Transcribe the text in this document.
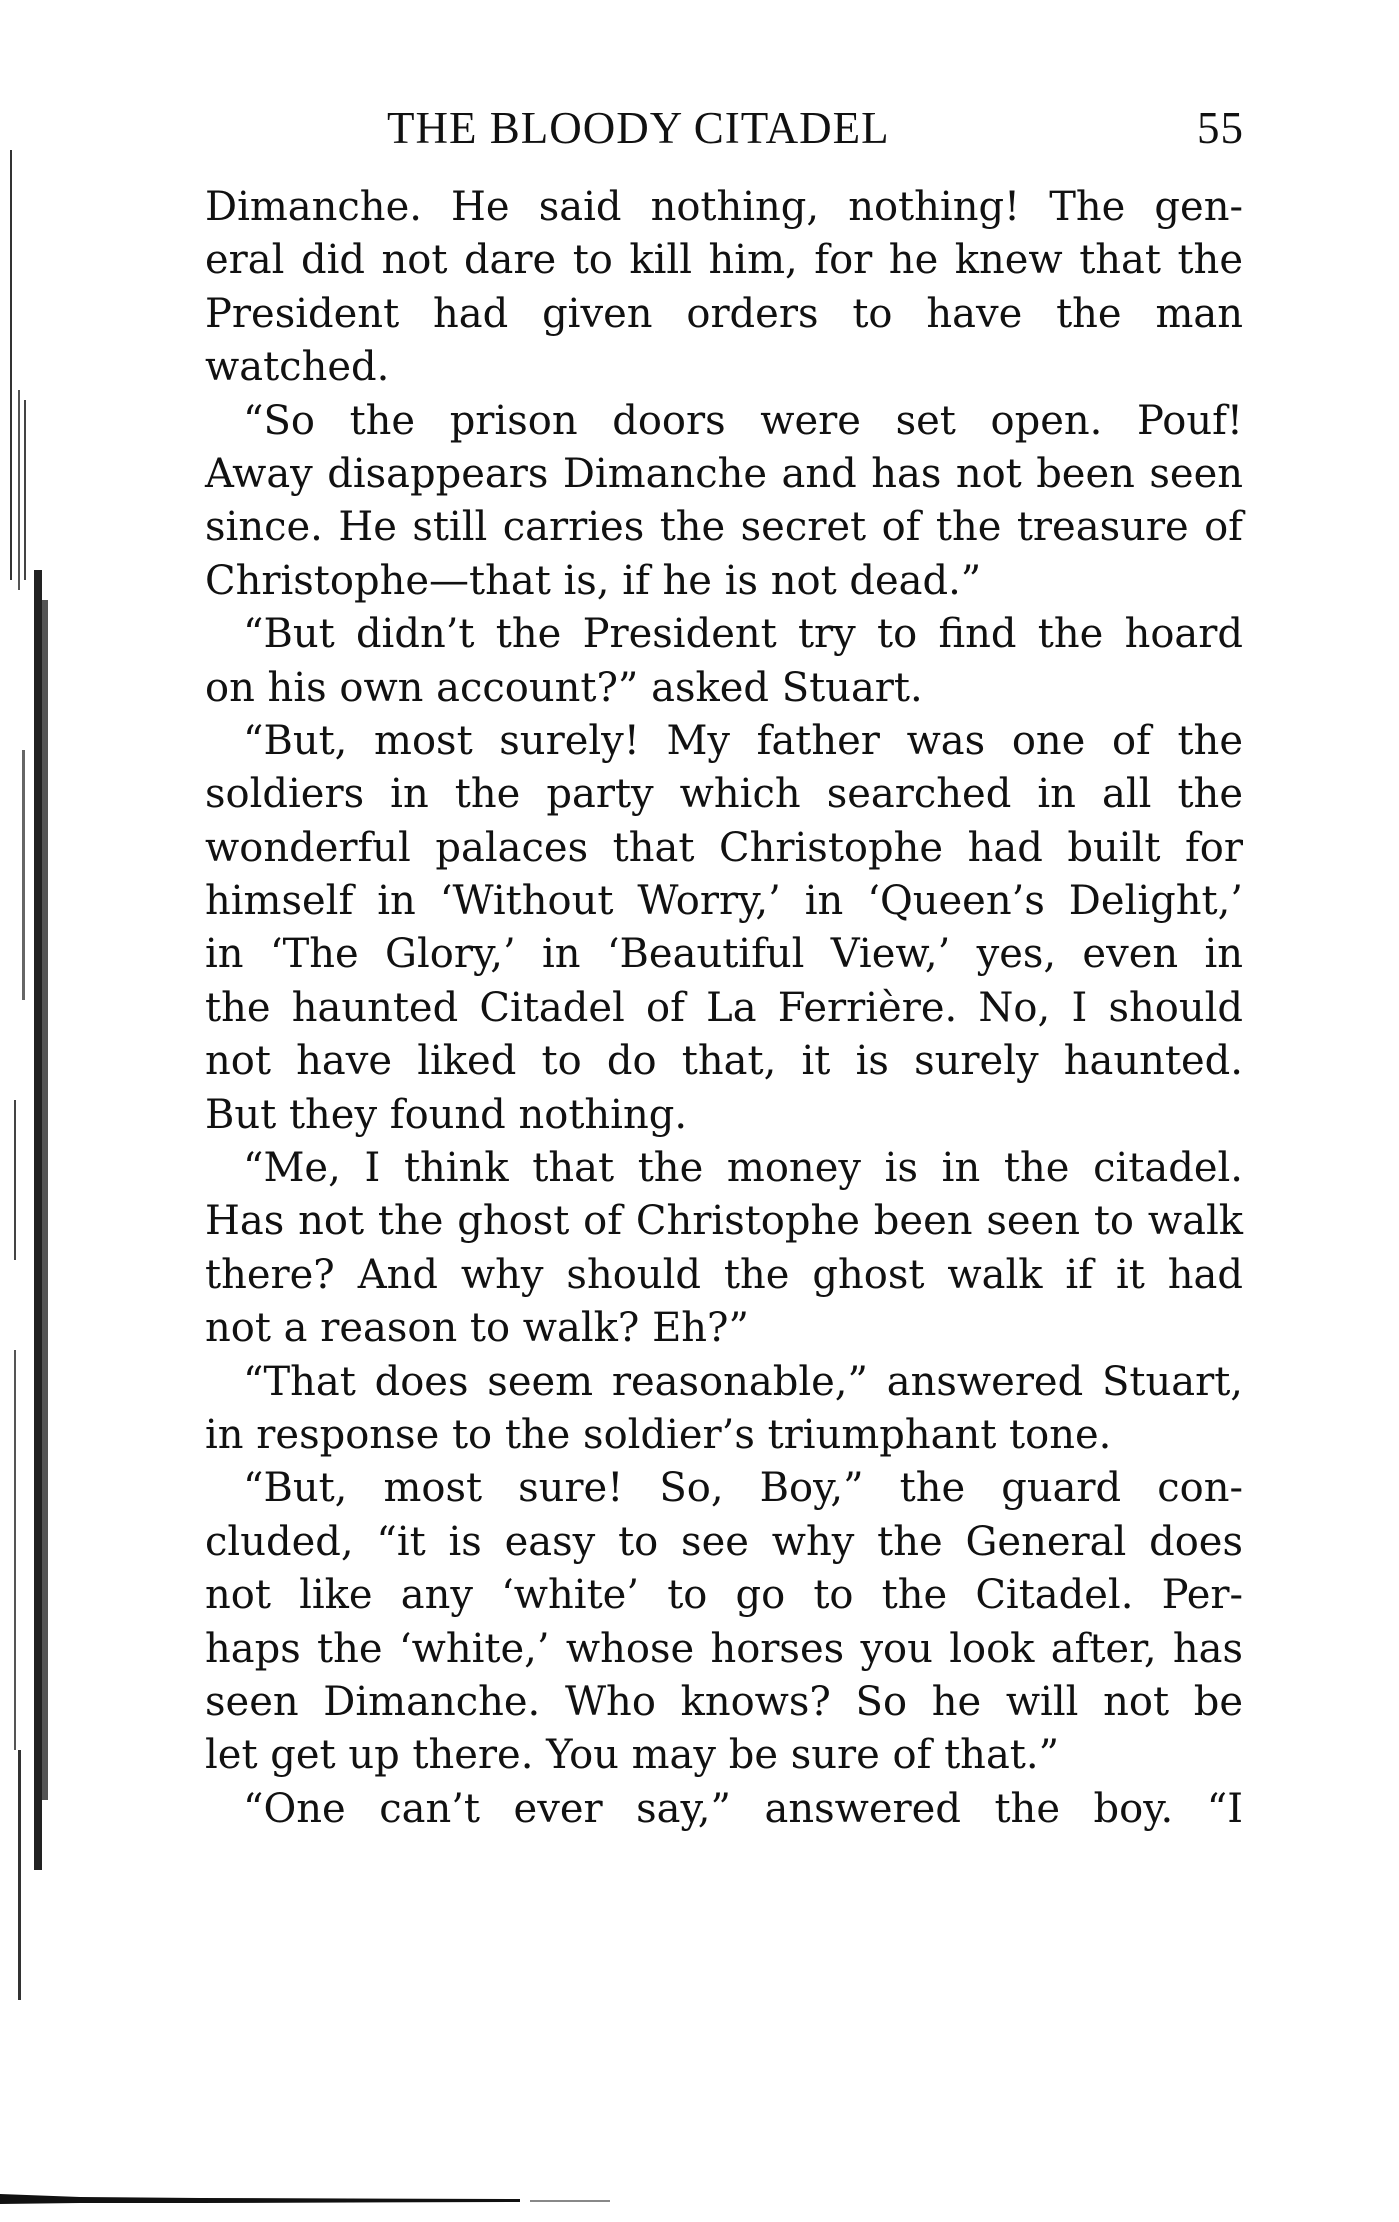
THE BLOODY CITADEL	55
Dimanche. He said nothing, nothing! The gen-
eral did not dare to kill him, for he knew that the
President had given orders to have the man
watched.
“So the prison doors were set open. Pouf!
Away disappears Dimanche and has not been seen
since. He still carries the secret of the treasure of
Christophe—that is, if he is not dead.”
“But didn’t the President try to find the hoard
on his own account?” asked Stuart.
“But, most surely! My father was one of the
soldiers in the party which searched in all the
wonderful palaces that Christophe had built for
himself in ‘Without Worry,’ in ‘Queen’s Delight,’
in ‘The Glory,’ in ‘Beautiful View,’ yes, even in
the haunted Citadel of La Ferrière. No, I should
not have liked to do that, it is surely haunted.
But they found nothing.
“Me, I think that the money is in the citadel.
Has not the ghost of Christophe been seen to walk
there? And why should the ghost walk if it had
not a reason to walk? Eh?”
“That does seem reasonable,” answered Stuart,
in response to the soldier’s triumphant tone.
“But, most sure! So, Boy,” the guard con-
cluded, “it is easy to see why the General does
not like any ‘white’ to go to the Citadel. Per-
haps the ‘white,’ whose horses you look after, has
seen Dimanche. Who knows? So he will not be
let get up there. You may be sure of that.”
“One can’t ever say,” answered the boy. “I
